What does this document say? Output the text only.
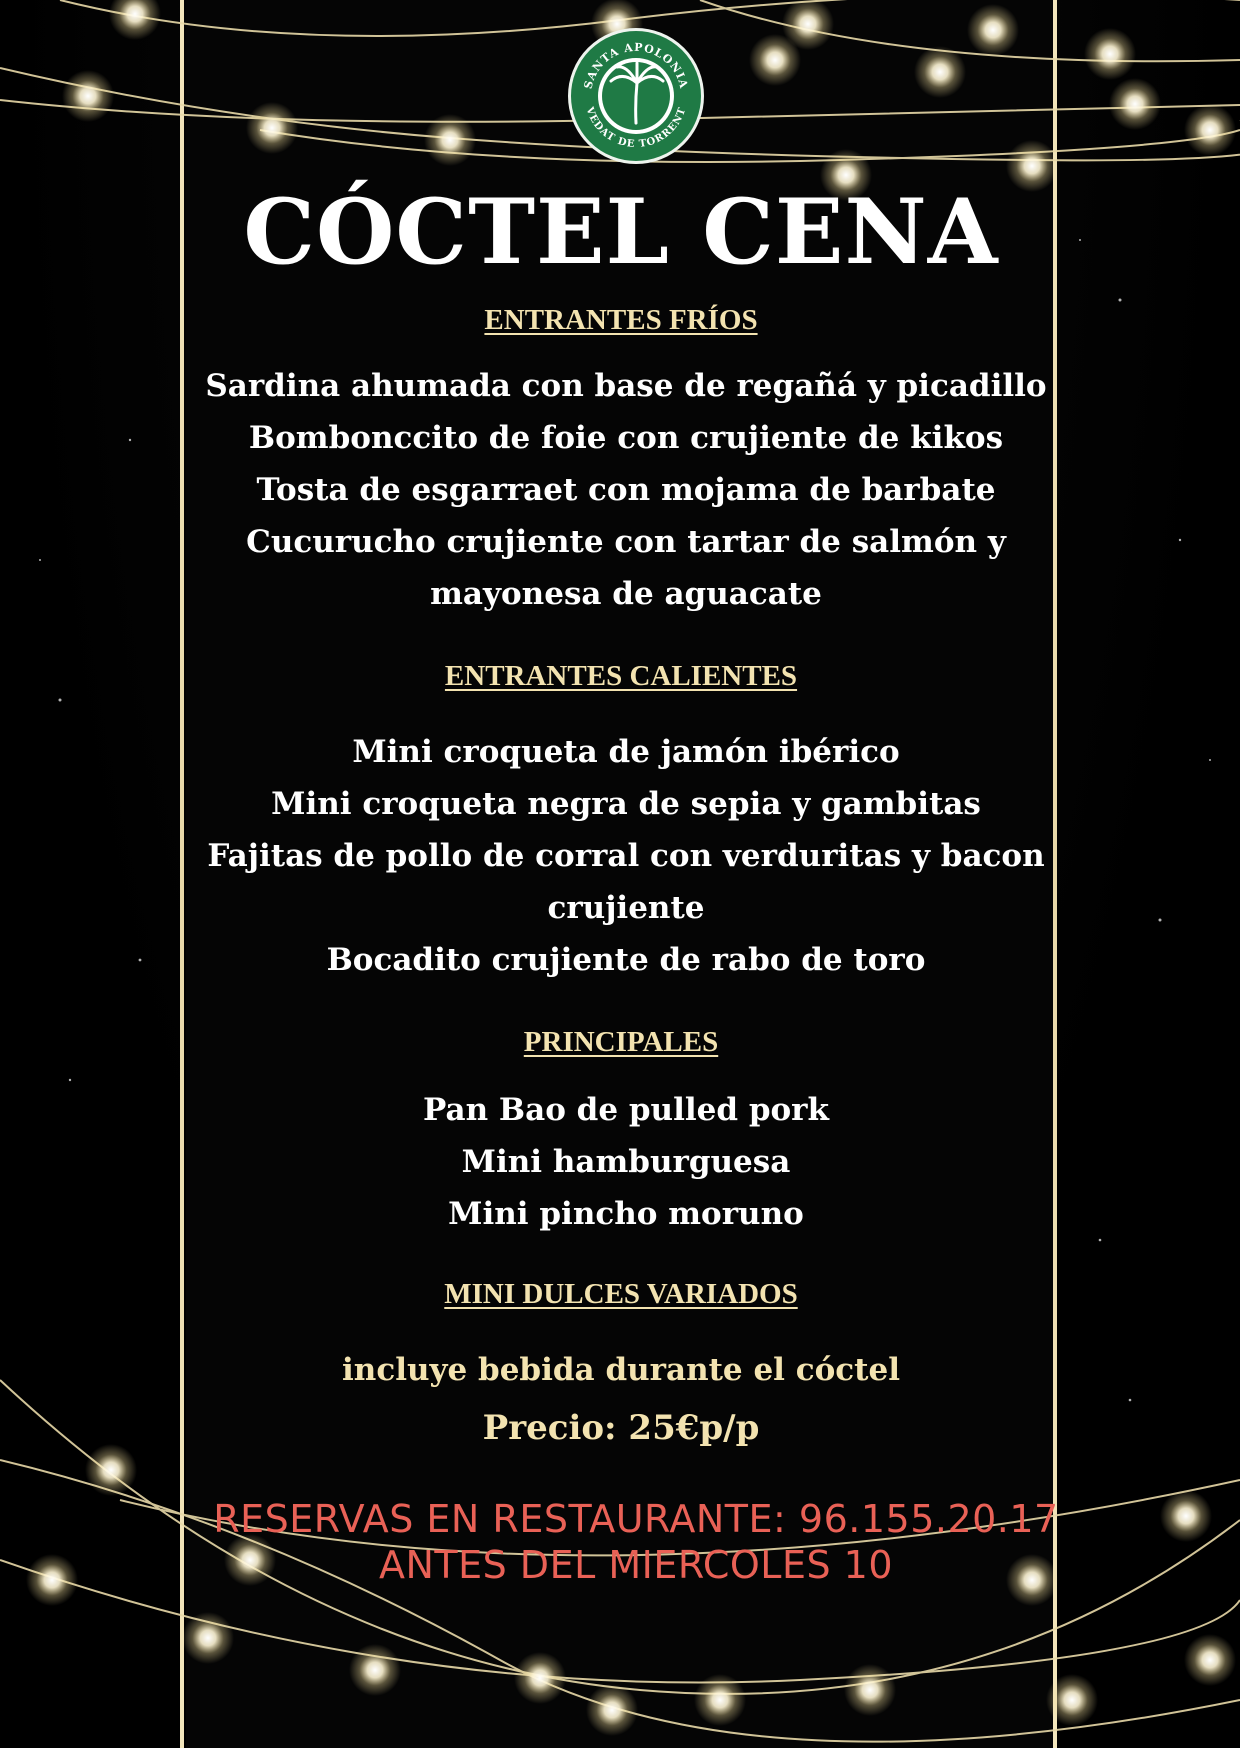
SANTA APOLONIA
VEDAT DE TORRENT
CÓCTEL CENA
ENTRANTES FRÍOS
Sardina ahumada con base de regañá y picadillo
Bombonccito de foie con crujiente de kikos
Tosta de esgarraet con mojama de barbate
Cucurucho crujiente con tartar de salmón y
mayonesa de aguacate
ENTRANTES CALIENTES
Mini croqueta de jamón ibérico
Mini croqueta negra de sepia y gambitas
Fajitas de pollo de corral con verduritas y bacon
crujiente
Bocadito crujiente de rabo de toro
PRINCIPALES
Pan Bao de pulled pork
Mini hamburguesa
Mini pincho moruno
MINI DULCES VARIADOS
incluye bebida durante el cóctel
Precio: 25€p/p
RESERVAS EN RESTAURANTE: 96.155.20.17
ANTES DEL MIERCOLES 10
